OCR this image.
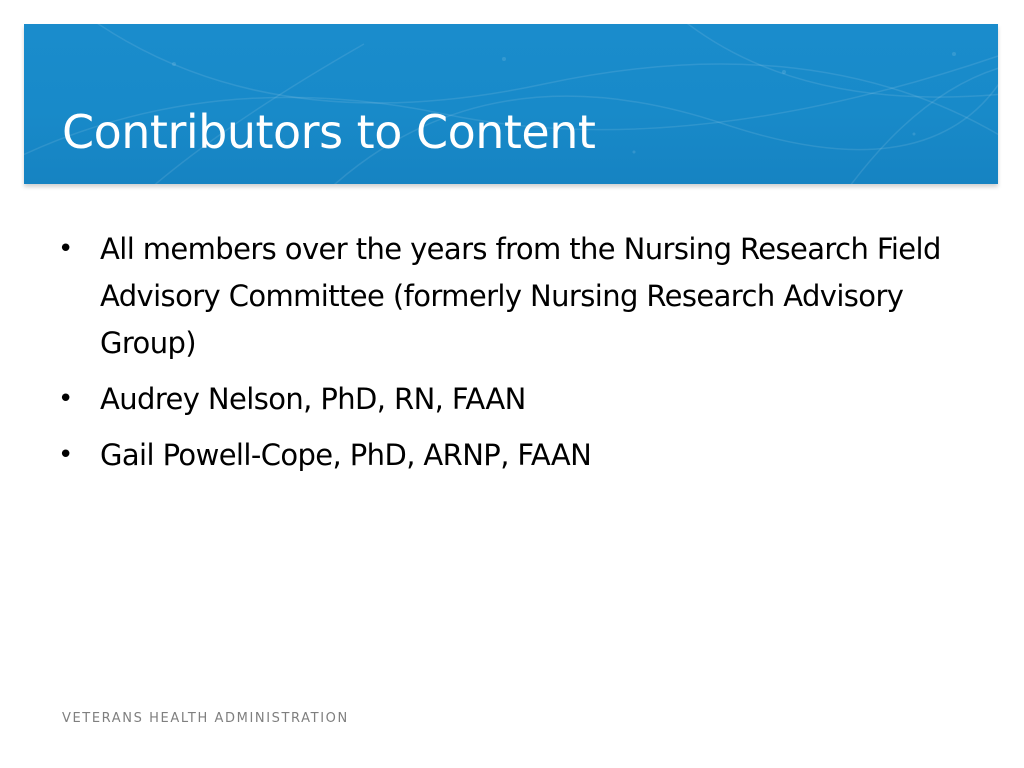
Contributors to Content
• All members over the years from the Nursing Research Field Advisory Committee (formerly Nursing Research Advisory Group)
• Audrey Nelson, PhD, RN, FAAN
• Gail Powell-Cope, PhD, ARNP, FAAN
VETERANS HEALTH ADMINISTRATION
